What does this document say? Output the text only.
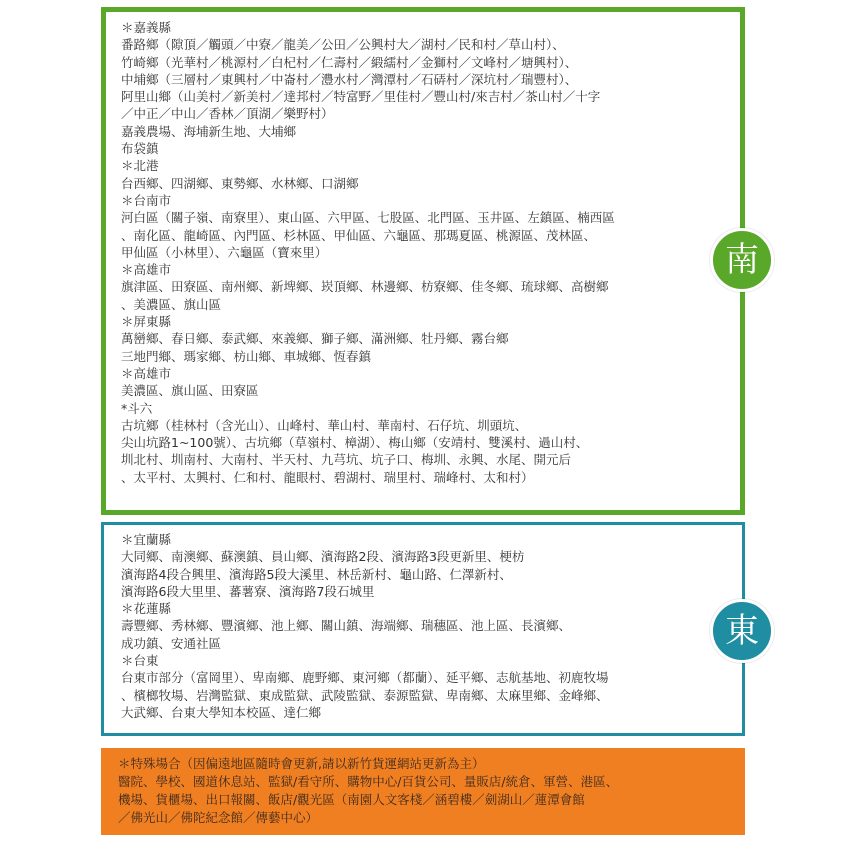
＊嘉義縣
番路鄉（隙頂／觸頭／中寮／龍美／公田／公興村大／湖村／民和村／草山村）、
竹崎鄉（光華村／桃源村／白杞村／仁壽村／緞繻村／金獅村／文峰村／塘興村）、
中埔鄉（三層村／東興村／中崙村／灃水村／灣潭村／石硦村／深坑村／瑞豐村）、
阿里山鄉（山美村／新美村／達邦村／特富野／里佳村／豐山村/來吉村／茶山村／十字
／中正／中山／香林／頂湖／樂野村）
嘉義農場、海埔新生地、大埔鄉
布袋鎮
＊北港
台西鄉、四湖鄉、東勢鄉、水林鄉、口湖鄉
＊台南市
河白區（關子嶺、南寮里）、東山區、六甲區、七股區、北門區、玉井區、左鎮區、楠西區
、南化區、龍崎區、內門區、杉林區、甲仙區、六龜區、那瑪夏區、桃源區、茂林區、
甲仙區（小林里）、六龜區（寶來里）
＊高雄市
旗津區、田寮區、南州鄉、新埤鄉、崁頂鄉、林邊鄉、枋寮鄉、佳冬鄉、琉球鄉、高樹鄉
、美濃區、旗山區
＊屏東縣
萬巒鄉、春日鄉、泰武鄉、來義鄉、獅子鄉、滿洲鄉、牡丹鄉、霧台鄉
三地門鄉、瑪家鄉、枋山鄉、車城鄉、恆春鎮
＊高雄市
美濃區、旗山區、田寮區
*斗六
古坑鄉（桂林村（含光山）、山峰村、華山村、華南村、石仔坑、圳頭坑、
尖山坑路1~100號）、古坑鄉（草嶺村、樟湖）、梅山鄉（安靖村、雙溪村、過山村、
圳北村、圳南村、大南村、半天村、九芎坑、坑子口、梅圳、永興、水尾、開元后
、太平村、太興村、仁和村、龍眼村、碧湖村、瑞里村、瑞峰村、太和村）
南
＊宜蘭縣
大同鄉、南澳鄉、蘇澳鎮、員山鄉、濱海路2段、濱海路3段更新里、梗枋
濱海路4段合興里、濱海路5段大溪里、林岳新村、龜山路、仁澤新村、
濱海路6段大里里、蕃薯寮、濱海路7段石城里
＊花蓮縣
壽豐鄉、秀林鄉、豐濱鄉、池上鄉、關山鎮、海端鄉、瑞穗區、池上區、長濱鄉、
成功鎮、安通社區
＊台東
台東市部分（富岡里）、卑南鄉、鹿野鄉、東河鄉（都蘭）、延平鄉、志航基地、初鹿牧場
、檳榔牧場、岩灣監獄、東成監獄、武陵監獄、泰源監獄、卑南鄉、太麻里鄉、金峰鄉、
大武鄉、台東大學知本校區、達仁鄉
東
＊特殊場合（因偏遠地區隨時會更新,請以新竹貨運網站更新為主）
醫院、學校、國道休息站、監獄/看守所、購物中心/百貨公司、量販店/統倉、軍營、港區、
機場、貨櫃場、出口報關、飯店/觀光區（南園人文客棧／涵碧樓／劍湖山／蓮潭會館
／佛光山／佛陀紀念館／傳藝中心）
